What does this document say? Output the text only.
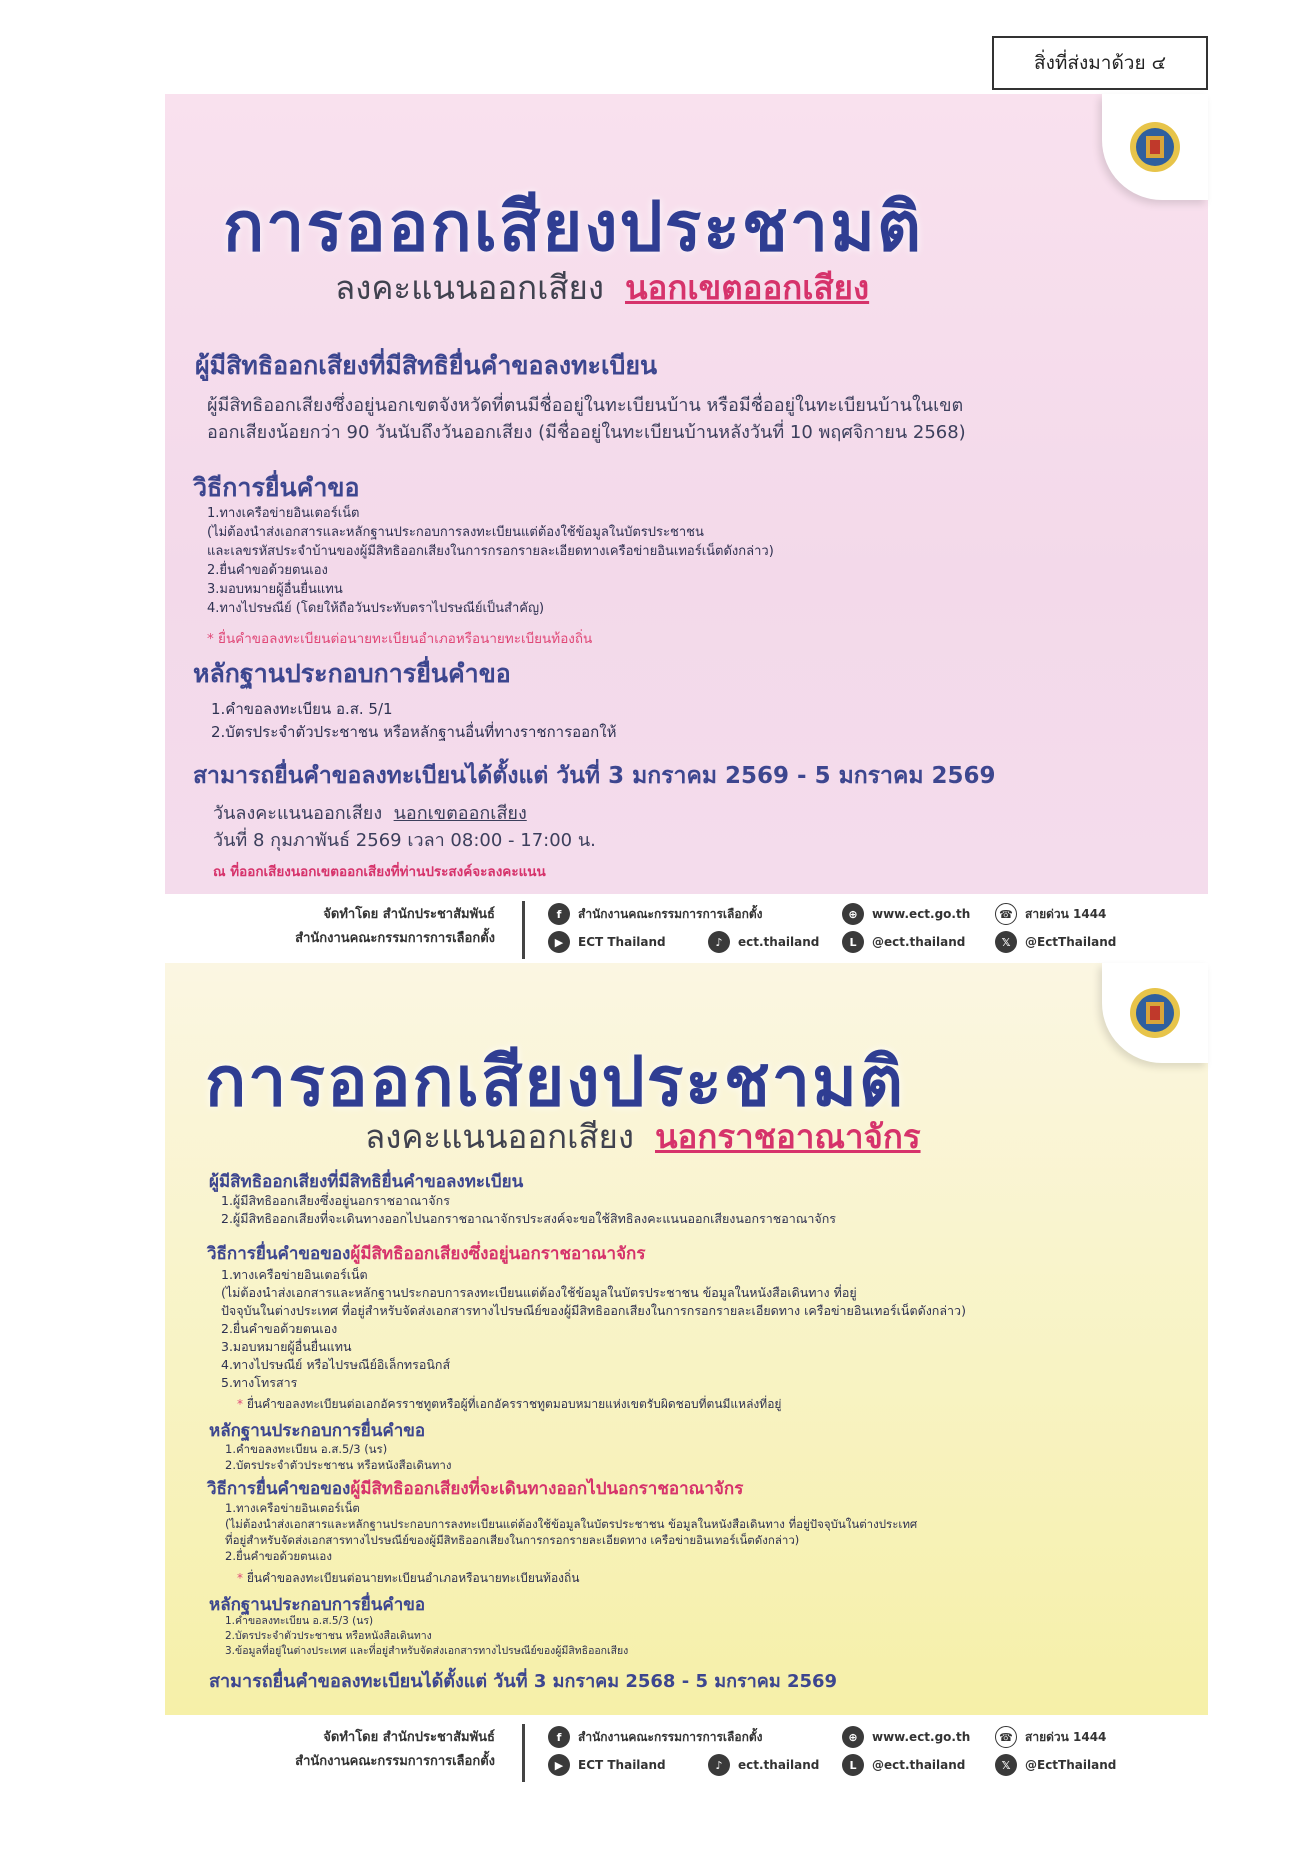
สิ่งที่ส่งมาด้วย ๔
การออกเสียงประชามติ
ลงคะแนนออกเสียง นอกเขตออกเสียง
ผู้มีสิทธิออกเสียงที่มีสิทธิยื่นคำขอลงทะเบียน
ผู้มีสิทธิออกเสียงซึ่งอยู่นอกเขตจังหวัดที่ตนมีชื่ออยู่ในทะเบียนบ้าน หรือมีชื่ออยู่ในทะเบียนบ้านในเขต
ออกเสียงน้อยกว่า 90 วันนับถึงวันออกเสียง (มีชื่ออยู่ในทะเบียนบ้านหลังวันที่ 10 พฤศจิกายน 2568)
วิธีการยื่นคำขอ
1.ทางเครือข่ายอินเตอร์เน็ต
(ไม่ต้องนำส่งเอกสารและหลักฐานประกอบการลงทะเบียนแต่ต้องใช้ข้อมูลในบัตรประชาชน
และเลขรหัสประจำบ้านของผู้มีสิทธิออกเสียงในการกรอกรายละเอียดทางเครือข่ายอินเทอร์เน็ตดังกล่าว)
2.ยื่นคำขอด้วยตนเอง
3.มอบหมายผู้อื่นยื่นแทน
4.ทางไปรษณีย์ (โดยให้ถือวันประทับตราไปรษณีย์เป็นสำคัญ)
* ยื่นคำขอลงทะเบียนต่อนายทะเบียนอำเภอหรือนายทะเบียนท้องถิ่น
หลักฐานประกอบการยื่นคำขอ
1.คำขอลงทะเบียน อ.ส. 5/1
2.บัตรประจำตัวประชาชน หรือหลักฐานอื่นที่ทางราชการออกให้
สามารถยื่นคำขอลงทะเบียนได้ตั้งแต่ วันที่ 3 มกราคม 2569 - 5 มกราคม 2569
วันลงคะแนนออกเสียง นอกเขตออกเสียง
วันที่ 8 กุมภาพันธ์ 2569 เวลา 08:00 - 17:00 น.
ณ ที่ออกเสียงนอกเขตออกเสียงที่ท่านประสงค์จะลงคะแนน
จัดทำโดย สำนักประชาสัมพันธ์
สำนักงานคณะกรรมการการเลือกตั้ง
f	สำนักงานคณะกรรมการการเลือกตั้ง	⊕	www.ect.go.th	☎	สายด่วน 1444
▶	ECT Thailand	♪	ect.thailand	L	@ect.thailand	𝕏	@EctThailand
การออกเสียงประชามติ
ลงคะแนนออกเสียง นอกราชอาณาจักร
ผู้มีสิทธิออกเสียงที่มีสิทธิยื่นคำขอลงทะเบียน
1.ผู้มีสิทธิออกเสียงซึ่งอยู่นอกราชอาณาจักร
2.ผู้มีสิทธิออกเสียงที่จะเดินทางออกไปนอกราชอาณาจักรประสงค์จะขอใช้สิทธิลงคะแนนออกเสียงนอกราชอาณาจักร
วิธีการยื่นคำขอของผู้มีสิทธิออกเสียงซึ่งอยู่นอกราชอาณาจักร
1.ทางเครือข่ายอินเตอร์เน็ต
(ไม่ต้องนำส่งเอกสารและหลักฐานประกอบการลงทะเบียนแต่ต้องใช้ข้อมูลในบัตรประชาชน ข้อมูลในหนังสือเดินทาง ที่อยู่
ปัจจุบันในต่างประเทศ ที่อยู่สำหรับจัดส่งเอกสารทางไปรษณีย์ของผู้มีสิทธิออกเสียงในการกรอกรายละเอียดทาง เครือข่ายอินเทอร์เน็ตดังกล่าว)
2.ยื่นคำขอด้วยตนเอง
3.มอบหมายผู้อื่นยื่นแทน
4.ทางไปรษณีย์ หรือไปรษณีย์อิเล็กทรอนิกส์
5.ทางโทรสาร
* ยื่นคำขอลงทะเบียนต่อเอกอัครราชทูตหรือผู้ที่เอกอัครราชทูตมอบหมายแห่งเขตรับผิดชอบที่ตนมีแหล่งที่อยู่
หลักฐานประกอบการยื่นคำขอ
1.คำขอลงทะเบียน อ.ส.5/3 (นร)
2.บัตรประจำตัวประชาชน หรือหนังสือเดินทาง
วิธีการยื่นคำขอของผู้มีสิทธิออกเสียงที่จะเดินทางออกไปนอกราชอาณาจักร
1.ทางเครือข่ายอินเตอร์เน็ต
(ไม่ต้องนำส่งเอกสารและหลักฐานประกอบการลงทะเบียนแต่ต้องใช้ข้อมูลในบัตรประชาชน ข้อมูลในหนังสือเดินทาง ที่อยู่ปัจจุบันในต่างประเทศ
ที่อยู่สำหรับจัดส่งเอกสารทางไปรษณีย์ของผู้มีสิทธิออกเสียงในการกรอกรายละเอียดทาง เครือข่ายอินเทอร์เน็ตดังกล่าว)
2.ยื่นคำขอด้วยตนเอง
* ยื่นคำขอลงทะเบียนต่อนายทะเบียนอำเภอหรือนายทะเบียนท้องถิ่น
หลักฐานประกอบการยื่นคำขอ
1.คำขอลงทะเบียน อ.ส.5/3 (นร)
2.บัตรประจำตัวประชาชน หรือหนังสือเดินทาง
3.ข้อมูลที่อยู่ในต่างประเทศ และที่อยู่สำหรับจัดส่งเอกสารทางไปรษณีย์ของผู้มีสิทธิออกเสียง
สามารถยื่นคำขอลงทะเบียนได้ตั้งแต่ วันที่ 3 มกราคม 2568 - 5 มกราคม 2569
จัดทำโดย สำนักประชาสัมพันธ์
สำนักงานคณะกรรมการการเลือกตั้ง
f	สำนักงานคณะกรรมการการเลือกตั้ง	⊕	www.ect.go.th	☎	สายด่วน 1444
▶	ECT Thailand	♪	ect.thailand	L	@ect.thailand	𝕏	@EctThailand
